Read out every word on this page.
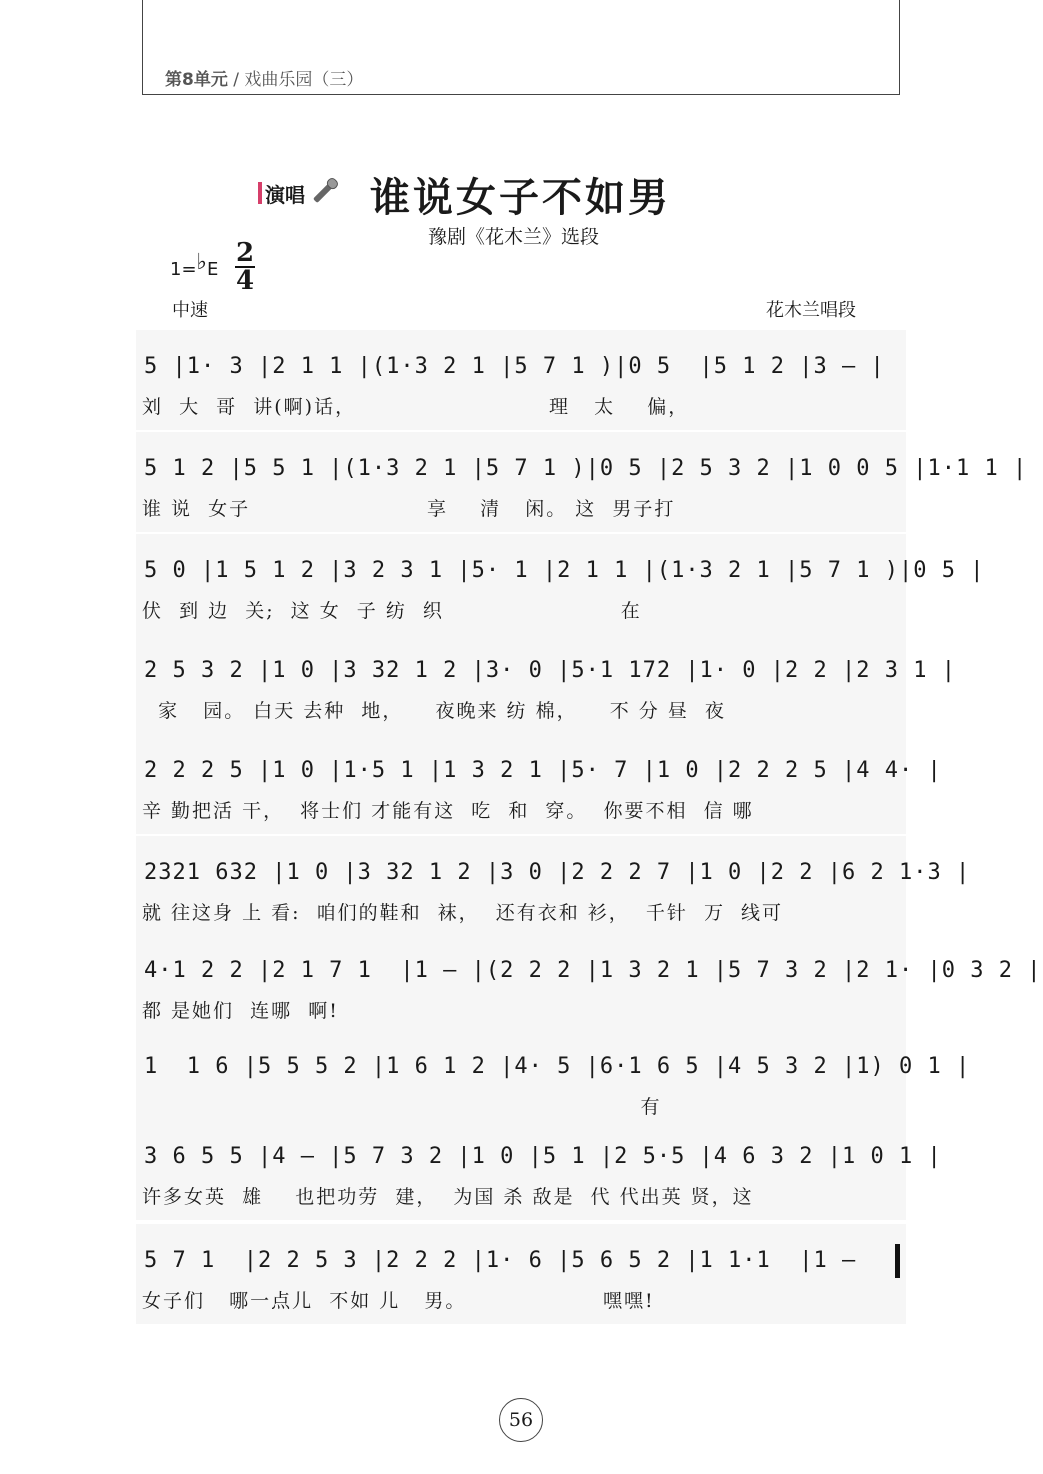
第8单元 / 戏曲乐园（三）
演唱 谁说女子不如男
豫剧《花木兰》选段
1=♭E
2
4
中速	花木兰唱段
5 |1· 3 |2 1 1 |(1·3 2 1 |5 7 1 )|0 5  |5 1 2 |3 — |
刘  大  哥  讲(啊)话，                        理   太    偏，
5 1 2 |5 5 1 |(1·3 2 1 |5 7 1 )|0 5 |2 5 3 2 |1 0 0 5 |1·1 1 |
谁 说  女子                      享    清   闲。 这  男子打
5 0 |1 5 1 2 |3 2 3 1 |5· 1 |2 1 1 |(1·3 2 1 |5 7 1 )|0 5 |
伏  到 边  关;  这 女  子 纺  织                      在
2 5 3 2 |1 0 |3 32 1 2 |3· 0 |5·1 172 |1· 0 |2 2 |2 3 1 |
家   园。 白天 去种  地，    夜晚来 纺 棉，    不 分 昼  夜
2 2 2 5 |1 0 |1·5 1 |1 3 2 1 |5· 7 |1 0 |2 2 2 5 |4 4· |
辛 勤把活 干，  将士们 才能有这  吃  和  穿。  你要不相  信 哪
2321 632 |1 0 |3 32 1 2 |3 0 |2 2 2 7 |1 0 |2 2 |6 2 1·3 |
就 往这身 上 看:  咱们的鞋和  袜，  还有衣和 衫，  千针  万  线可
4·1 2 2 |2 1 7 1  |1 — |(2 2 2 |1 3 2 1 |5 7 3 2 |2 1· |0 3 2 |
都 是她们  连哪  啊!
1  1 6 |5 5 5 2 |1 6 1 2 |4· 5 |6·1 6 5 |4 5 3 2 |1) 0 1 |
有
3 6 5 5 |4 — |5 7 3 2 |1 0 |5 1 |2 5·5 |4 6 3 2 |1 0 1 |
许多女英  雄    也把功劳  建，  为国 杀 敌是  代 代出英 贤，这
5 7 1  |2 2 5 3 |2 2 2 |1· 6 |5 6 5 2 |1 1·1  |1 —
女子们   哪一点儿  不如 儿   男。                 嘿嘿!
56
